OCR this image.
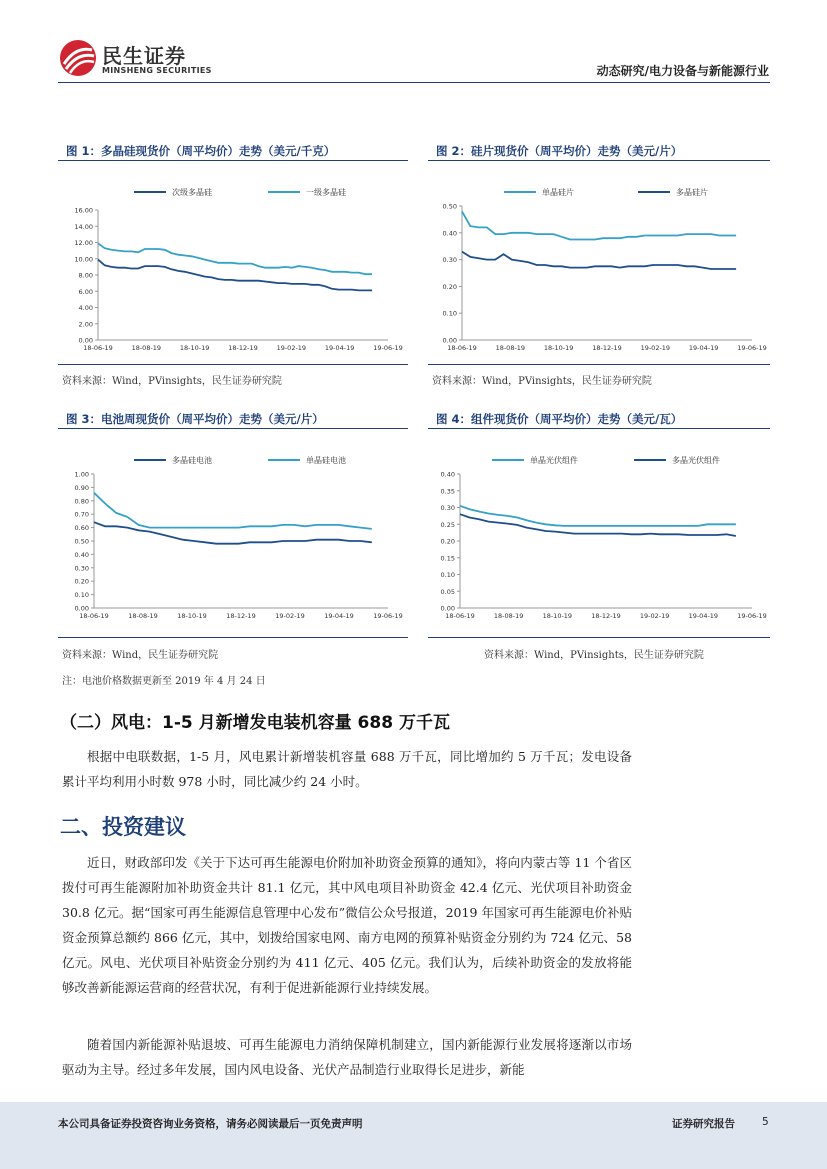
民生证券
MINSHENG SECURITIES	动态研究/电力设备与新能源行业
图 1：多晶硅现货价（周平均价）走势（美元/千克）	图 2：硅片现货价（周平均价）走势（美元/片）
0.00
2.00
4.00
6.00
8.00
10.00
12.00
14.00
16.00
18-06-19	18-08-19	18-10-19	18-12-19	19-02-19	19-04-19	19-06-19
次级多晶硅	一级多晶硅
0.00
0.10
0.20
0.30
0.40
0.50
18-06-19	18-08-19	18-10-19	18-12-19	19-02-19	19-04-19	19-06-19
单晶硅片	多晶硅片
资料来源：Wind，PVinsights，民生证券研究院	资料来源：Wind，PVinsights，民生证券研究院
图 3：电池周现货价（周平均价）走势（美元/片）	图 4：组件现货价（周平均价）走势（美元/瓦）
0.00
0.10
0.20
0.30
0.40
0.50
0.60
0.70
0.80
0.90
1.00
18-06-19	18-08-19	18-10-19	18-12-19	19-02-19	19-04-19	19-06-19
多晶硅电池	单晶硅电池
0.00
0.05
0.10
0.15
0.20
0.25
0.30
0.35
0.40
18-06-19	18-08-19	18-10-19	18-12-19	19-02-19	19-04-19	19-06-19
单晶光伏组件	多晶光伏组件
资料来源：Wind，民生证券研究院	资料来源：Wind，PVinsights，民生证券研究院
注：电池价格数据更新至 2019 年 4 月 24 日
（二）风电：1-5 月新增发电装机容量 688 万千瓦
根据中电联数据，1-5 月，风电累计新增装机容量 688 万千瓦，同比增加约 5 万千瓦；发电设备累计平均利用小时数 978 小时，同比减少约 24 小时。
二、投资建议
近日，财政部印发《关于下达可再生能源电价附加补助资金预算的通知》，将向内蒙古等 11 个省区拨付可再生能源附加补助资金共计 81.1 亿元，其中风电项目补助资金 42.4 亿元、光伏项目补助资金 30.8 亿元。据“国家可再生能源信息管理中心发布”微信公众号报道，2019 年国家可再生能源电价补贴资金预算总额约 866 亿元，其中，划拨给国家电网、南方电网的预算补贴资金分别约为 724 亿元、58 亿元。风电、光伏项目补贴资金分别约为 411 亿元、405 亿元。我们认为，后续补助资金的发放将能够改善新能源运营商的经营状况，有利于促进新能源行业持续发展。
随着国内新能源补贴退坡、可再生能源电力消纳保障机制建立，国内新能源行业发展将逐渐以市场驱动为主导。经过多年发展，国内风电设备、光伏产品制造行业取得长足进步，新能
本公司具备证券投资咨询业务资格，请务必阅读最后一页免责声明	证券研究报告	5
